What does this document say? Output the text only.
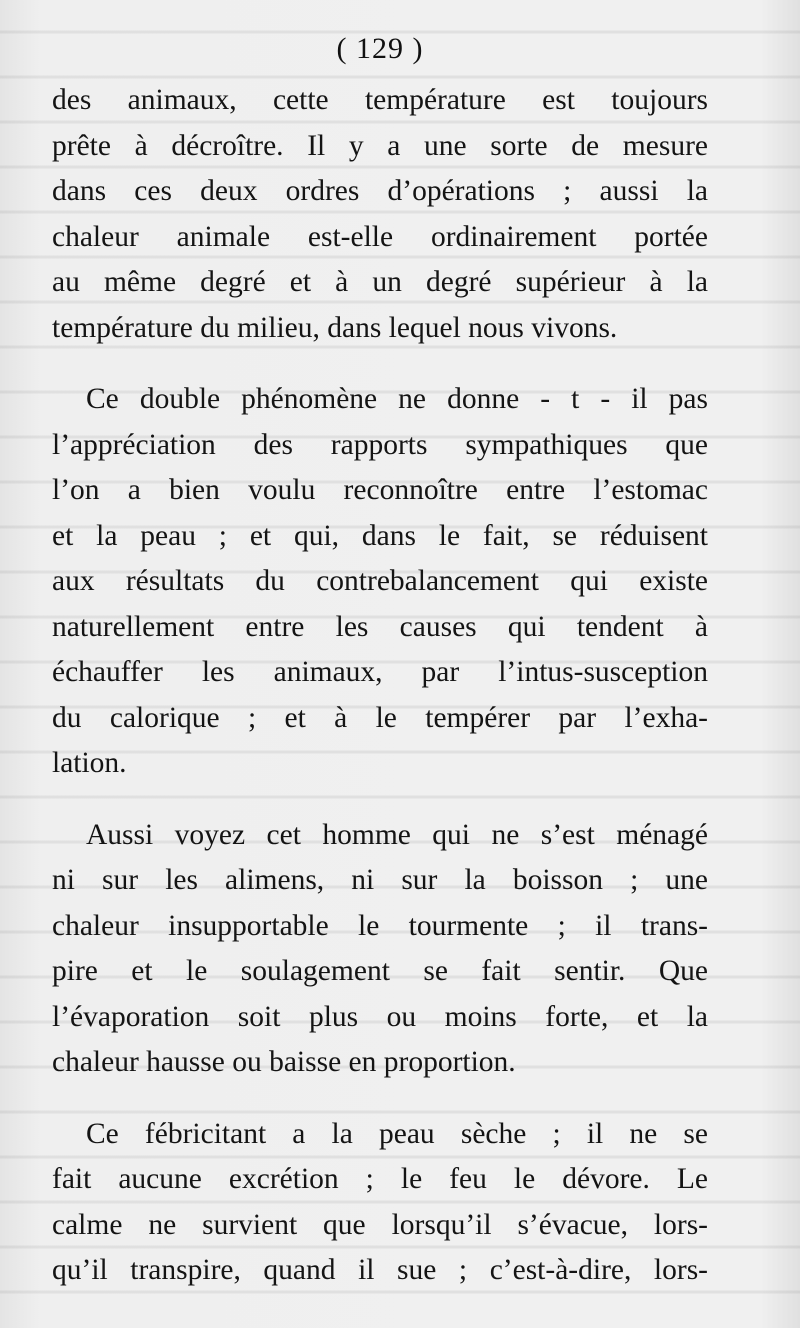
( 129 )
des animaux, cette température est toujours
prête à décroître. Il y a une sorte de mesure
dans ces deux ordres d’opérations ; aussi la
chaleur animale est-elle ordinairement portée
au même degré et à un degré supérieur à la
température du milieu, dans lequel nous vivons.
Ce double phénomène ne donne - t - il pas
l’appréciation des rapports sympathiques que
l’on a bien voulu reconnoître entre l’estomac
et la peau ; et qui, dans le fait, se réduisent
aux résultats du contrebalancement qui existe
naturellement entre les causes qui tendent à
échauffer les animaux, par l’intus-susception
du calorique ; et à le tempérer par l’exha-
lation.
Aussi voyez cet homme qui ne s’est ménagé
ni sur les alimens, ni sur la boisson ; une
chaleur insupportable le tourmente ; il trans-
pire et le soulagement se fait sentir. Que
l’évaporation soit plus ou moins forte, et la
chaleur hausse ou baisse en proportion.
Ce fébricitant a la peau sèche ; il ne se
fait aucune excrétion ; le feu le dévore. Le
calme ne survient que lorsqu’il s’évacue, lors-
qu’il transpire, quand il sue ; c’est-à-dire, lors-
